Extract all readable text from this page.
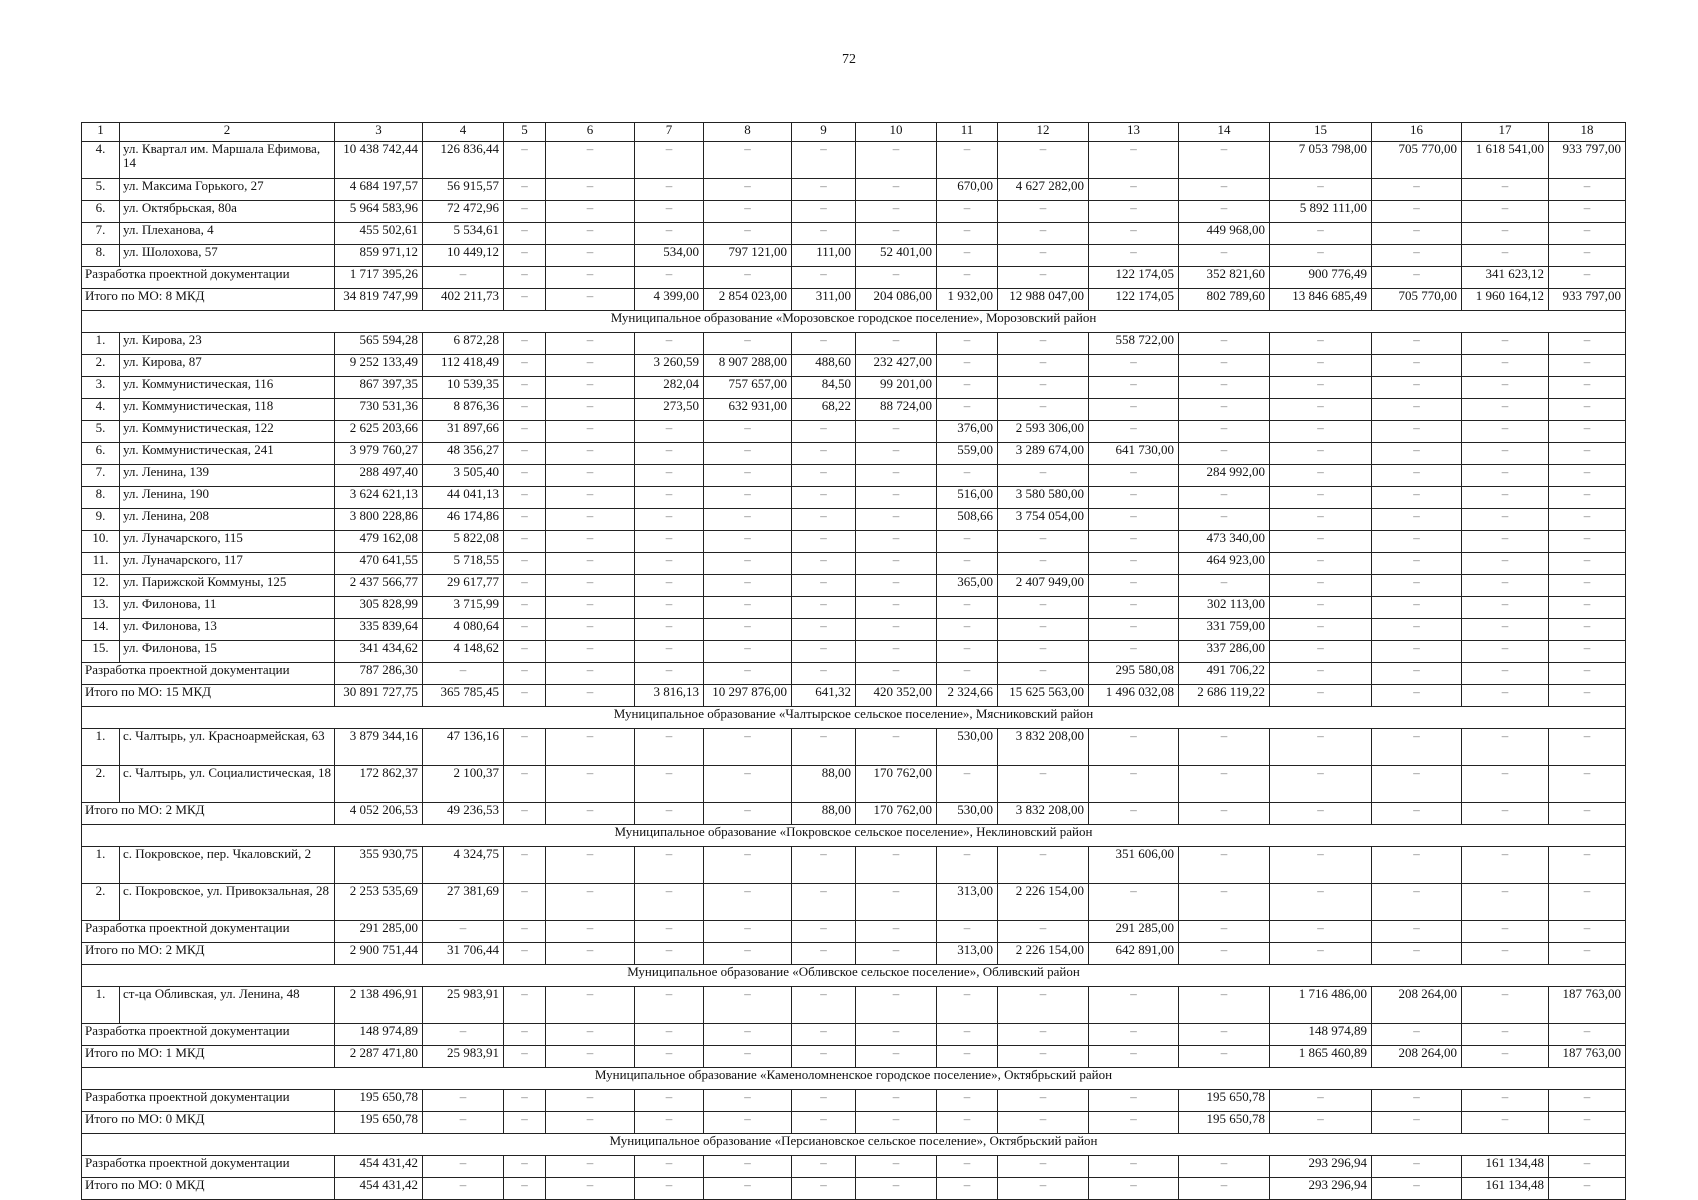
72
1	2	3	4	5	6	7	8	9	10	11	12	13	14	15	16	17	18
4.	ул. Квартал им. Маршала Ефимова, 14	10 438 742,44	126 836,44	–	–	–	–	–	–	–	–	–	–	7 053 798,00	705 770,00	1 618 541,00	933 797,00
5.	ул. Максима Горького, 27	4 684 197,57	56 915,57	–	–	–	–	–	–	670,00	4 627 282,00	–	–	–	–	–	–
6.	ул. Октябрьская, 80а	5 964 583,96	72 472,96	–	–	–	–	–	–	–	–	–	–	5 892 111,00	–	–	–
7.	ул. Плеханова, 4	455 502,61	5 534,61	–	–	–	–	–	–	–	–	–	449 968,00	–	–	–	–
8.	ул. Шолохова, 57	859 971,12	10 449,12	–	–	534,00	797 121,00	111,00	52 401,00	–	–	–	–	–	–	–	–
Разработка проектной документации		1 717 395,26	–	–	–	–	–	–	–	–	–	122 174,05	352 821,60	900 776,49	–	341 623,12	–
Итого по МО: 8 МКД		34 819 747,99	402 211,73	–	–	4 399,00	2 854 023,00	311,00	204 086,00	1 932,00	12 988 047,00	122 174,05	802 789,60	13 846 685,49	705 770,00	1 960 164,12	933 797,00
Муниципальное образование «Морозовское городское поселение», Морозовский район																	
1.	ул. Кирова, 23	565 594,28	6 872,28	–	–	–	–	–	–	–	–	558 722,00	–	–	–	–	–
2.	ул. Кирова, 87	9 252 133,49	112 418,49	–	–	3 260,59	8 907 288,00	488,60	232 427,00	–	–	–	–	–	–	–	–
3.	ул. Коммунистическая, 116	867 397,35	10 539,35	–	–	282,04	757 657,00	84,50	99 201,00	–	–	–	–	–	–	–	–
4.	ул. Коммунистическая, 118	730 531,36	8 876,36	–	–	273,50	632 931,00	68,22	88 724,00	–	–	–	–	–	–	–	–
5.	ул. Коммунистическая, 122	2 625 203,66	31 897,66	–	–	–	–	–	–	376,00	2 593 306,00	–	–	–	–	–	–
6.	ул. Коммунистическая, 241	3 979 760,27	48 356,27	–	–	–	–	–	–	559,00	3 289 674,00	641 730,00	–	–	–	–	–
7.	ул. Ленина, 139	288 497,40	3 505,40	–	–	–	–	–	–	–	–	–	284 992,00	–	–	–	–
8.	ул. Ленина, 190	3 624 621,13	44 041,13	–	–	–	–	–	–	516,00	3 580 580,00	–	–	–	–	–	–
9.	ул. Ленина, 208	3 800 228,86	46 174,86	–	–	–	–	–	–	508,66	3 754 054,00	–	–	–	–	–	–
10.	ул. Луначарского, 115	479 162,08	5 822,08	–	–	–	–	–	–	–	–	–	473 340,00	–	–	–	–
11.	ул. Луначарского, 117	470 641,55	5 718,55	–	–	–	–	–	–	–	–	–	464 923,00	–	–	–	–
12.	ул. Парижской Коммуны, 125	2 437 566,77	29 617,77	–	–	–	–	–	–	365,00	2 407 949,00	–	–	–	–	–	–
13.	ул. Филонова, 11	305 828,99	3 715,99	–	–	–	–	–	–	–	–	–	302 113,00	–	–	–	–
14.	ул. Филонова, 13	335 839,64	4 080,64	–	–	–	–	–	–	–	–	–	331 759,00	–	–	–	–
15.	ул. Филонова, 15	341 434,62	4 148,62	–	–	–	–	–	–	–	–	–	337 286,00	–	–	–	–
Разработка проектной документации		787 286,30	–	–	–	–	–	–	–	–	–	295 580,08	491 706,22	–	–	–	–
Итого по МО: 15 МКД		30 891 727,75	365 785,45	–	–	3 816,13	10 297 876,00	641,32	420 352,00	2 324,66	15 625 563,00	1 496 032,08	2 686 119,22	–	–	–	–
Муниципальное образование «Чалтырское сельское поселение», Мясниковский район																	
1.	с. Чалтырь, ул. Красноармейская, 63	3 879 344,16	47 136,16	–	–	–	–	–	–	530,00	3 832 208,00	–	–	–	–	–	–
2.	с. Чалтырь, ул. Социалистическая, 18	172 862,37	2 100,37	–	–	–	–	88,00	170 762,00	–	–	–	–	–	–	–	–
Итого по МО: 2 МКД		4 052 206,53	49 236,53	–	–	–	–	88,00	170 762,00	530,00	3 832 208,00	–	–	–	–	–	–
Муниципальное образование «Покровское сельское поселение», Неклиновский район																	
1.	с. Покровское, пер. Чкаловский, 2	355 930,75	4 324,75	–	–	–	–	–	–	–	–	351 606,00	–	–	–	–	–
2.	с. Покровское, ул. Привокзальная, 28	2 253 535,69	27 381,69	–	–	–	–	–	–	313,00	2 226 154,00	–	–	–	–	–	–
Разработка проектной документации		291 285,00	–	–	–	–	–	–	–	–	–	291 285,00	–	–	–	–	–
Итого по МО: 2 МКД		2 900 751,44	31 706,44	–	–	–	–	–	–	313,00	2 226 154,00	642 891,00	–	–	–	–	–
Муниципальное образование «Обливское сельское поселение», Обливский район																	
1.	ст-ца Обливская, ул. Ленина, 48	2 138 496,91	25 983,91	–	–	–	–	–	–	–	–	–	–	1 716 486,00	208 264,00	–	187 763,00
Разработка проектной документации		148 974,89	–	–	–	–	–	–	–	–	–	–	–	148 974,89	–	–	–
Итого по МО: 1 МКД		2 287 471,80	25 983,91	–	–	–	–	–	–	–	–	–	–	1 865 460,89	208 264,00	–	187 763,00
Муниципальное образование «Каменоломненское городское поселение», Октябрьский район																	
Разработка проектной документации		195 650,78	–	–	–	–	–	–	–	–	–	–	195 650,78	–	–	–	–
Итого по МО: 0 МКД		195 650,78	–	–	–	–	–	–	–	–	–	–	195 650,78	–	–	–	–
Муниципальное образование «Персиановское сельское поселение», Октябрьский район																	
Разработка проектной документации		454 431,42	–	–	–	–	–	–	–	–	–	–	–	293 296,94	–	161 134,48	–
Итого по МО: 0 МКД		454 431,42	–	–	–	–	–	–	–	–	–	–	–	293 296,94	–	161 134,48	–
